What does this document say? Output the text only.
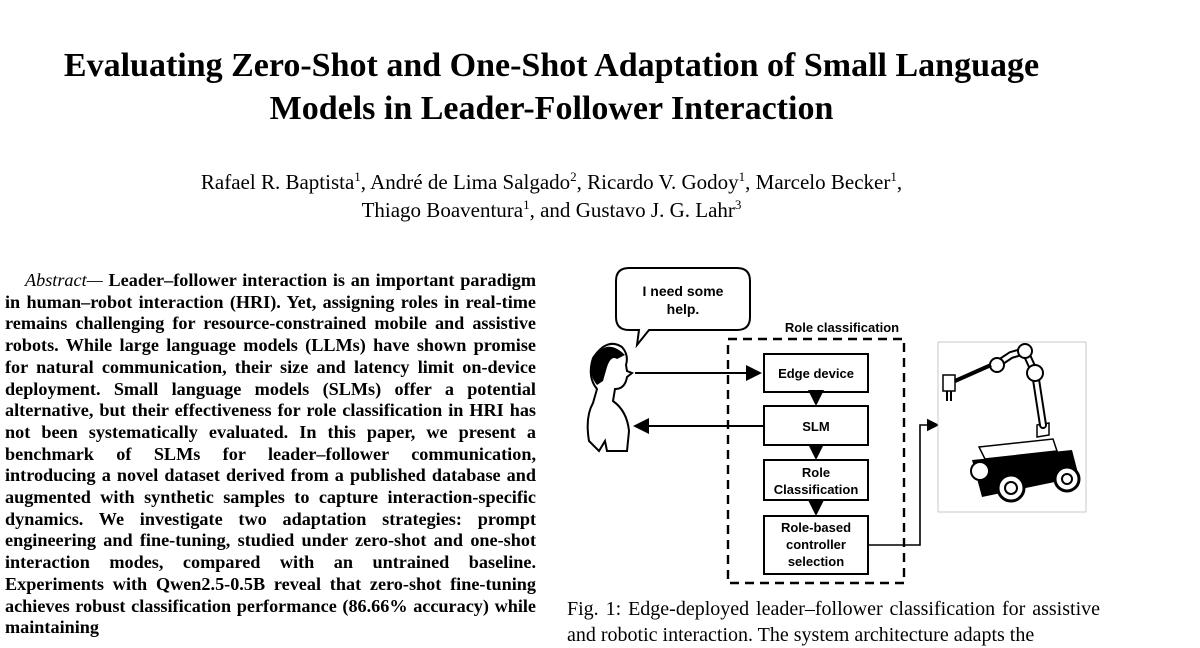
Evaluating Zero-Shot and One-Shot Adaptation of Small Language
Models in Leader-Follower Interaction
Rafael R. Baptista$^1$, André de Lima Salgado$^2$, Ricardo V. Godoy$^1$, Marcelo Becker$^1$,
Thiago Boaventura$^1$, and Gustavo J. G. Lahr$^3$
Abstract— Leader–follower interaction is an important paradigm in human–robot interaction (HRI). Yet, assigning roles in real-time remains challenging for resource-constrained mobile and assistive robots. While large language models (LLMs) have shown promise for natural communication, their size and latency limit on-device deployment. Small language models (SLMs) offer a potential alternative, but their effectiveness for role classification in HRI has not been systematically evaluated. In this paper, we present a benchmark of SLMs for leader–follower communication, introducing a novel dataset derived from a published database and augmented with synthetic samples to capture interaction-specific dynamics. We investigate two adaptation strategies: prompt engineering and fine-tuning, studied under zero-shot and one-shot interaction modes, compared with an untrained baseline. Experiments with Qwen2.5-0.5B reveal that zero-shot fine-tuning achieves robust classification performance (86.66% accuracy) while maintaining
I need some
help.
Role classification
Edge device
SLM
Role
Classification
Role-based
controller
selection
Fig. 1: Edge-deployed leader–follower classification for assistive and robotic interaction. The system architecture adapts the
